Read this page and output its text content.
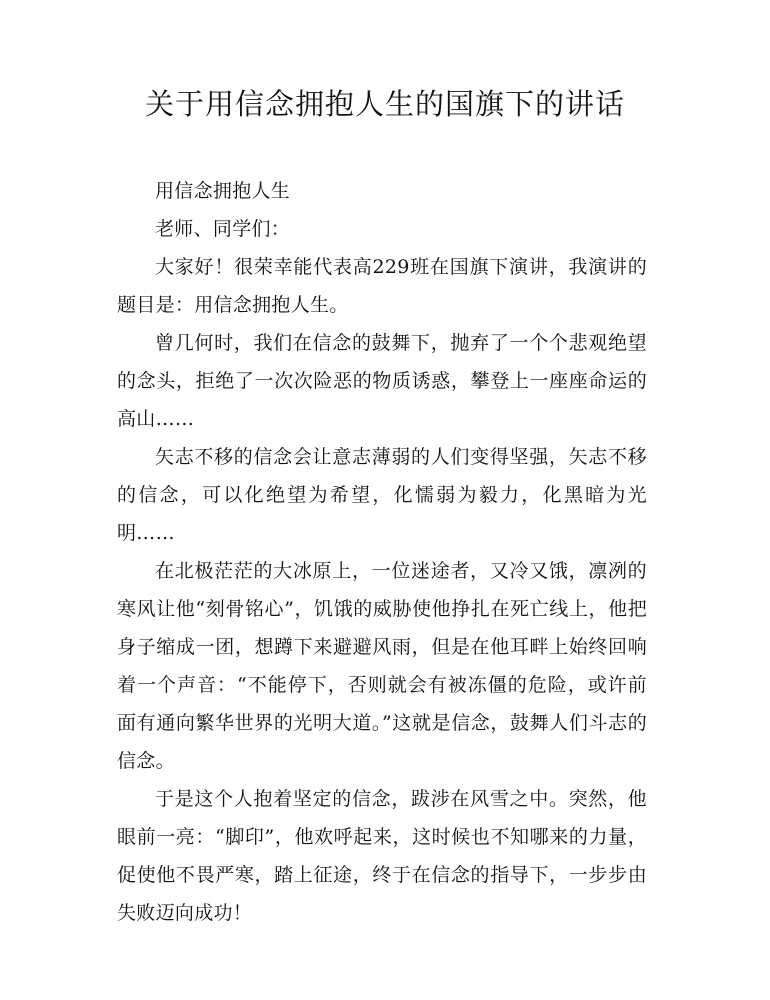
关于用信念拥抱人生的国旗下的讲话

用信念拥抱人生

老师、同学们：

大家好！很荣幸能代表高229班在国旗下演讲，我演讲的题目是：用信念拥抱人生。

曾几何时，我们在信念的鼓舞下，抛弃了一个个悲观绝望的念头，拒绝了一次次险恶的物质诱惑，攀登上一座座命运的高山……

矢志不移的信念会让意志薄弱的人们变得坚强，矢志不移的信念，可以化绝望为希望，化懦弱为毅力，化黑暗为光明……

在北极茫茫的大冰原上，一位迷途者，又冷又饿，凛冽的寒风让他“刻骨铭心”，饥饿的威胁使他挣扎在死亡线上，他把身子缩成一团，想蹲下来避避风雨，但是在他耳畔上始终回响着一个声音：“不能停下，否则就会有被冻僵的危险，或许前面有通向繁华世界的光明大道。”这就是信念，鼓舞人们斗志的信念。

于是这个人抱着坚定的信念，跋涉在风雪之中。突然，他眼前一亮：“脚印”，他欢呼起来，这时候也不知哪来的力量，促使他不畏严寒，踏上征途，终于在信念的指导下，一步步由失败迈向成功！
